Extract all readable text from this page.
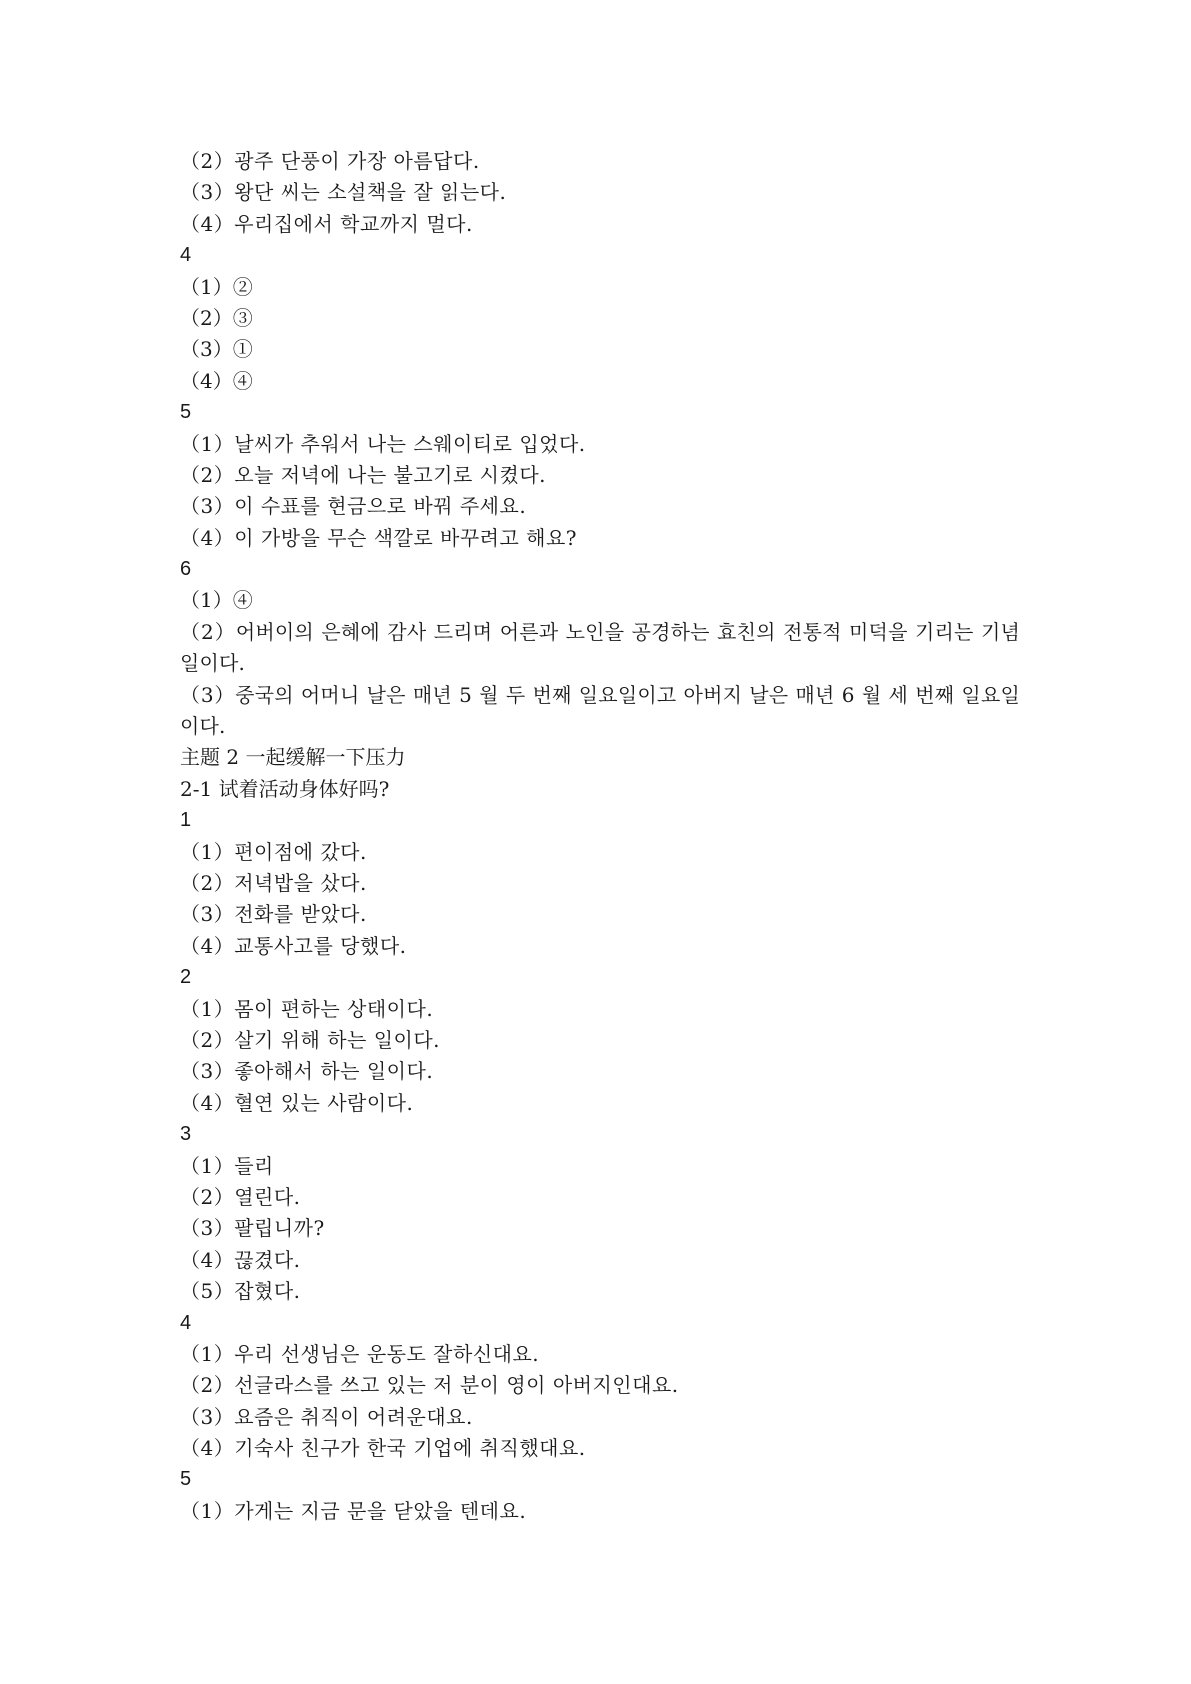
（2）광주 단풍이 가장 아름답다.
（3）왕단 씨는 소설책을 잘 읽는다.
（4）우리집에서 학교까지 멀다.
4
（1）②
（2）③
（3）①
（4）④
5
（1）날씨가 추워서 나는 스웨이티로 입었다.
（2）오늘 저녁에 나는 불고기로 시켰다.
（3）이 수표를 현금으로 바꿔 주세요.
（4）이 가방을 무슨 색깔로 바꾸려고 해요?
6
（1）④
（2）어버이의 은혜에 감사 드리며 어른과 노인을 공경하는 효친의 전통적 미덕을 기리는 기념일이다.
（3）중국의 어머니 날은 매년 5 월 두 번째 일요일이고 아버지 날은 매년 6 월 세 번째 일요일이다.
主题 2 一起缓解一下压力
2-1 试着活动身体好吗?
1
（1）편이점에 갔다.
（2）저녁밥을 샀다.
（3）전화를 받았다.
（4）교통사고를 당했다.
2
（1）몸이 편하는 상태이다.
（2）살기 위해 하는 일이다.
（3）좋아해서 하는 일이다.
（4）혈연 있는 사람이다.
3
（1）들리
（2）열린다.
（3）팔립니까?
（4）끊겼다.
（5）잡혔다.
4
（1）우리 선생님은 운동도 잘하신대요.
（2）선글라스를 쓰고 있는 저 분이 영이 아버지인대요.
（3）요즘은 취직이 어려운대요.
（4）기숙사 친구가 한국 기업에 취직했대요.
5
（1）가게는 지금 문을 닫았을 텐데요.
